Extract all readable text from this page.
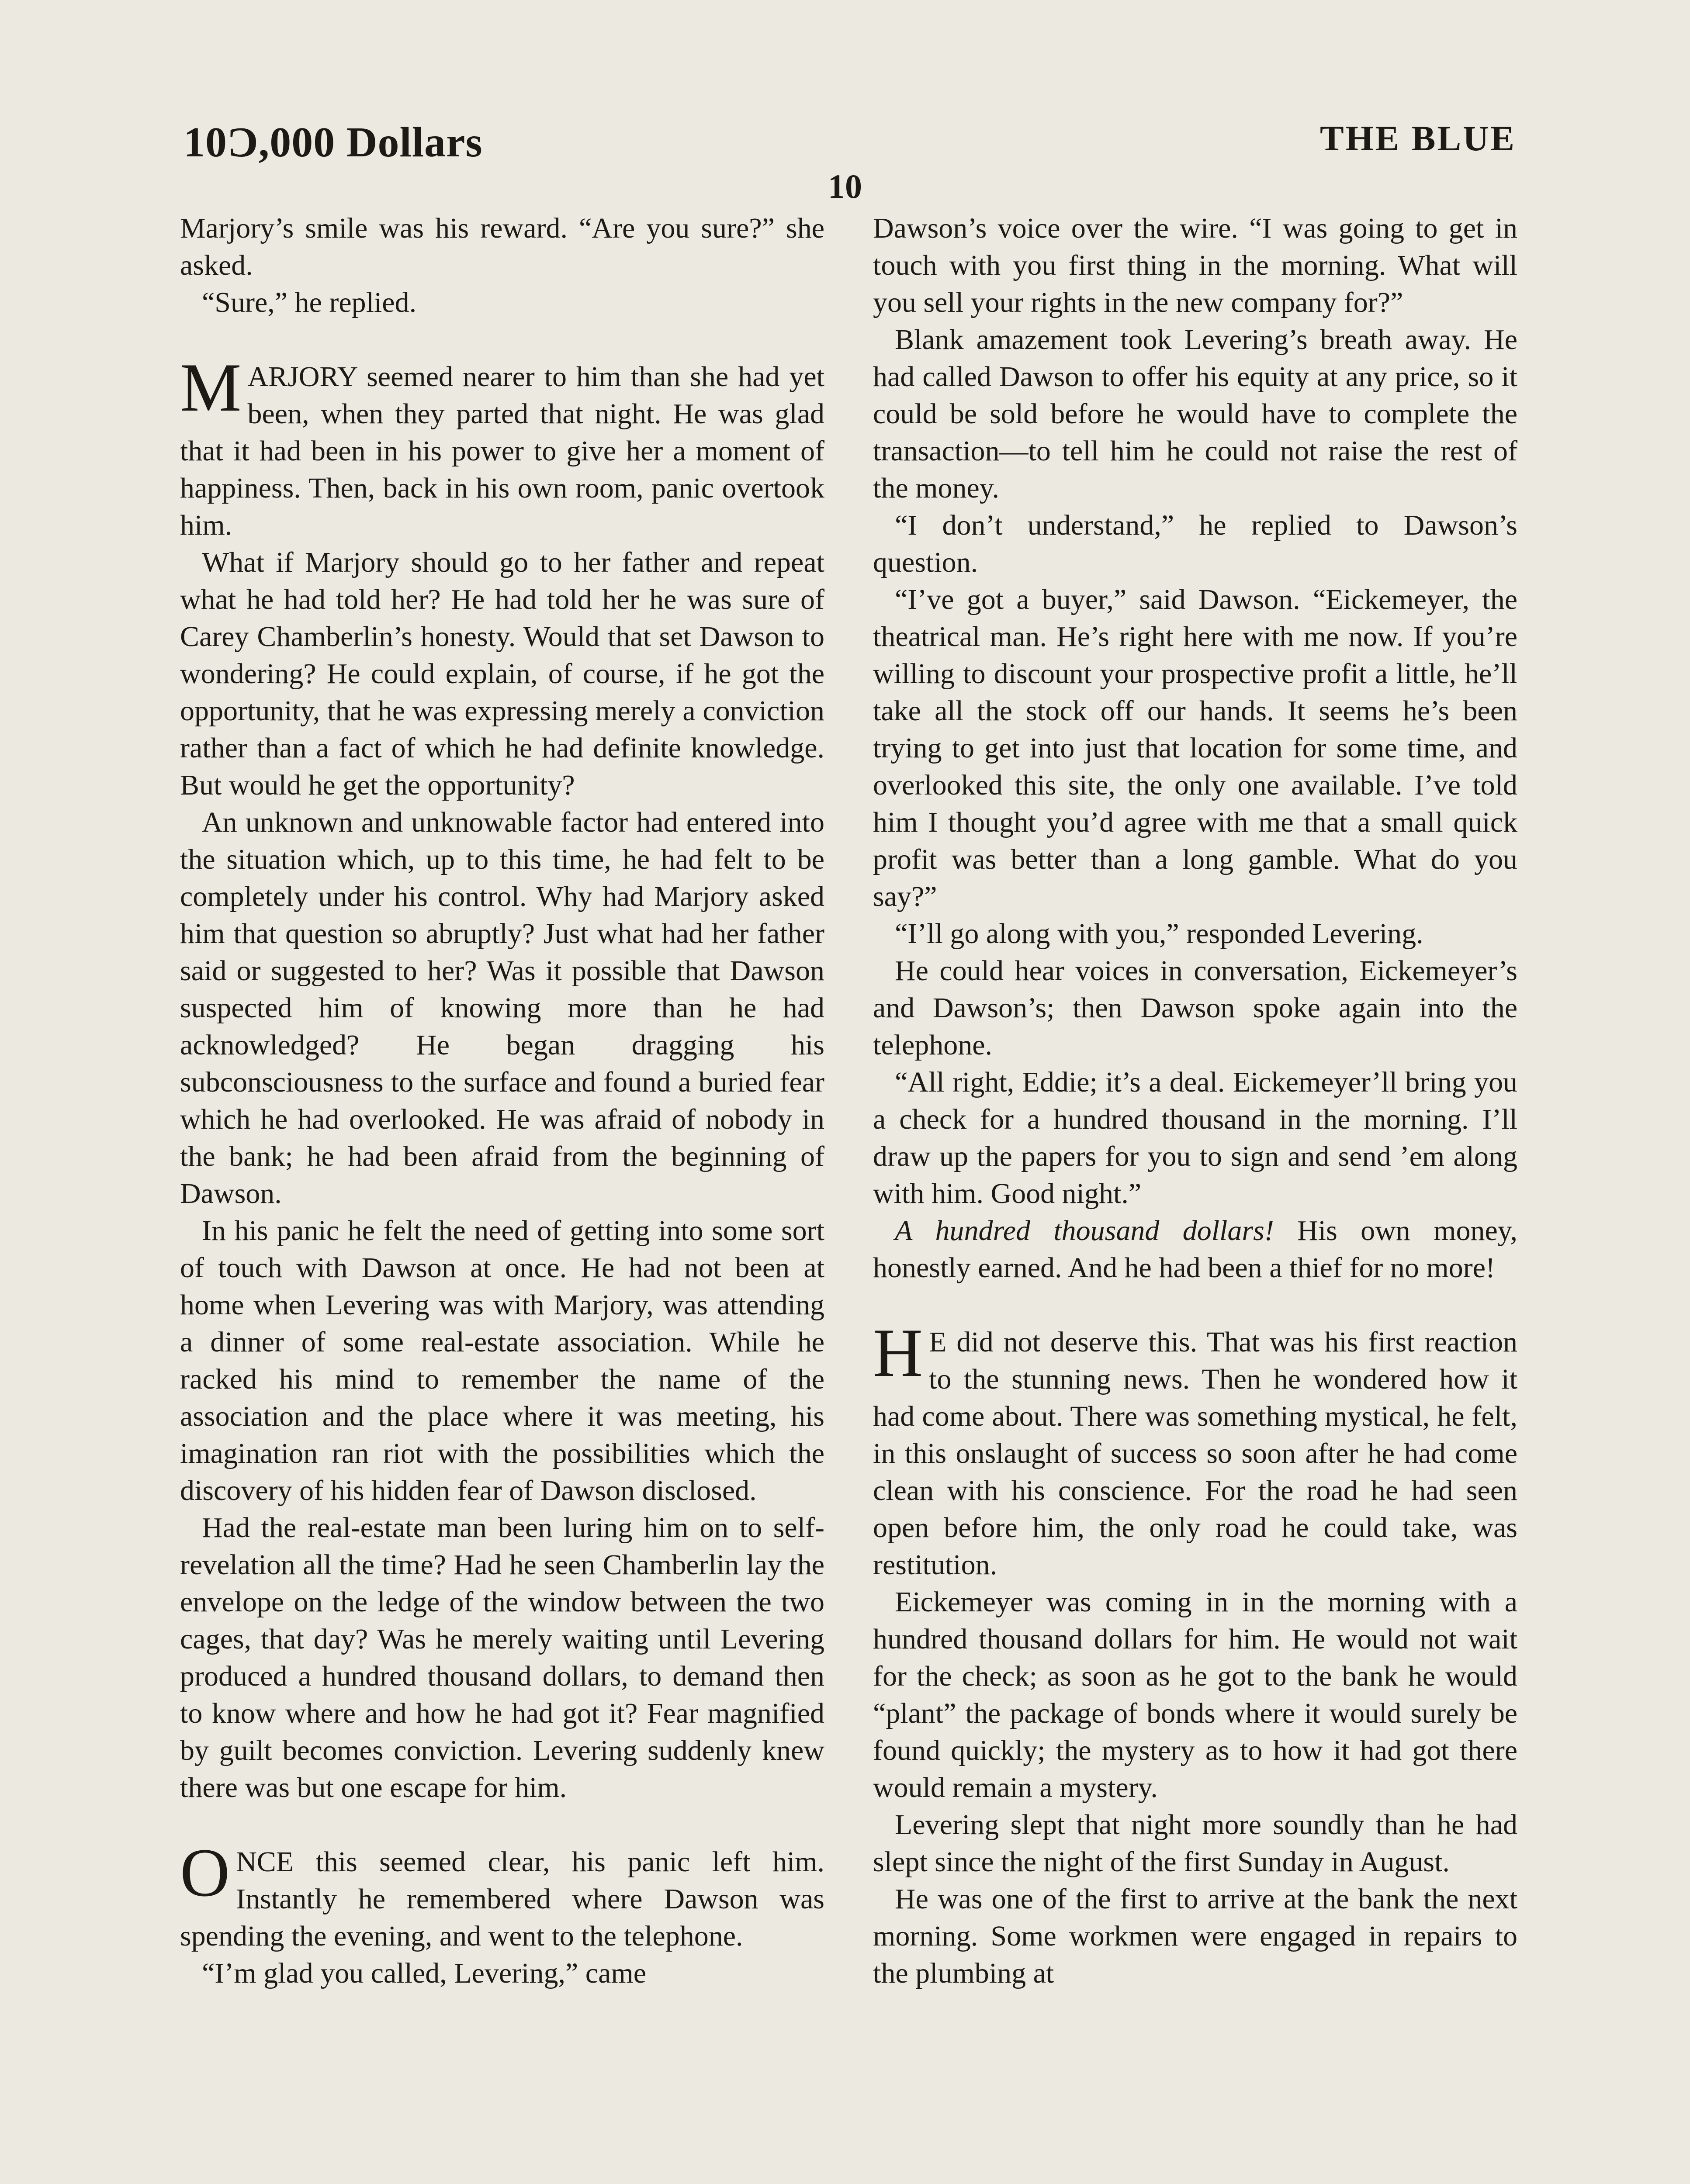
10Ɔ,000 Dollars	THE BLUE
10

Marjory’s smile was his reward. “Are you sure?” she asked.

“Sure,” he replied.

MARJORY seemed nearer to him than she had yet been, when they parted that night. He was glad that it had been in his power to give her a moment of happiness. Then, back in his own room, panic overtook him.

What if Marjory should go to her father and repeat what he had told her? He had told her he was sure of Carey Chamberlin’s honesty. Would that set Dawson to wondering? He could explain, of course, if he got the opportunity, that he was expressing merely a conviction rather than a fact of which he had definite knowledge. But would he get the opportunity?

An unknown and unknowable factor had entered into the situation which, up to this time, he had felt to be completely under his control. Why had Marjory asked him that question so abruptly? Just what had her father said or suggested to her? Was it possible that Dawson suspected him of knowing more than he had acknowledged? He began dragging his subconsciousness to the surface and found a buried fear which he had overlooked. He was afraid of nobody in the bank; he had been afraid from the beginning of Dawson.

In his panic he felt the need of getting into some sort of touch with Dawson at once. He had not been at home when Levering was with Marjory, was attending a dinner of some real-estate association. While he racked his mind to remember the name of the association and the place where it was meeting, his imagination ran riot with the possibilities which the discovery of his hidden fear of Dawson disclosed.

Had the real-estate man been luring him on to self-revelation all the time? Had he seen Chamberlin lay the envelope on the ledge of the window between the two cages, that day? Was he merely waiting until Levering produced a hundred thousand dollars, to demand then to know where and how he had got it? Fear magnified by guilt becomes conviction. Levering suddenly knew there was but one escape for him.

ONCE this seemed clear, his panic left him. Instantly he remembered where Dawson was spending the evening, and went to the telephone.

“I’m glad you called, Levering,” came

Dawson’s voice over the wire. “I was going to get in touch with you first thing in the morning. What will you sell your rights in the new company for?”

Blank amazement took Levering’s breath away. He had called Dawson to offer his equity at any price, so it could be sold before he would have to complete the transaction—to tell him he could not raise the rest of the money.

“I don’t understand,” he replied to Dawson’s question.

“I’ve got a buyer,” said Dawson. “Eickemeyer, the theatrical man. He’s right here with me now. If you’re willing to discount your prospective profit a little, he’ll take all the stock off our hands. It seems he’s been trying to get into just that location for some time, and overlooked this site, the only one available. I’ve told him I thought you’d agree with me that a small quick profit was better than a long gamble. What do you say?”

“I’ll go along with you,” responded Levering.

He could hear voices in conversation, Eickemeyer’s and Dawson’s; then Dawson spoke again into the telephone.

“All right, Eddie; it’s a deal. Eickemeyer’ll bring you a check for a hundred thousand in the morning. I’ll draw up the papers for you to sign and send ’em along with him. Good night.”

A hundred thousand dollars! His own money, honestly earned. And he had been a thief for no more!

H E did not deserve this. That was his first reaction to the stunning news. Then he wondered how it had come about. There was something mystical, he felt, in this onslaught of success so soon after he had come clean with his conscience. For the road he had seen open before him, the only road he could take, was restitution.

Eickemeyer was coming in in the morning with a hundred thousand dollars for him. He would not wait for the check; as soon as he got to the bank he would “plant” the package of bonds where it would surely be found quickly; the mystery as to how it had got there would remain a mystery.

Levering slept that night more soundly than he had slept since the night of the first Sunday in August.

He was one of the first to arrive at the bank the next morning. Some workmen were engaged in repairs to the plumbing at
